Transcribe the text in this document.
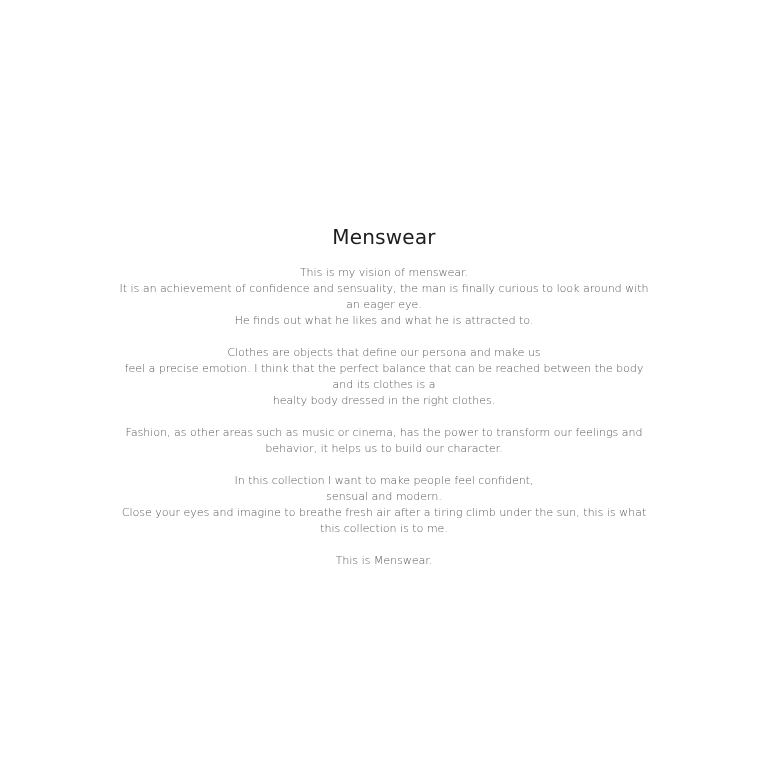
Menswear

This is my vision of menswear.
It is an achievement of confidence and sensuality, the man is finally curious to look around with
an eager eye.
He finds out what he likes and what he is attracted to.

Clothes are objects that define our persona and make us
feel a precise emotion. I think that the perfect balance that can be reached between the body
and its clothes is a
healty body dressed in the right clothes.

Fashion, as other areas such as music or cinema, has the power to transform our feelings and
behavior, it helps us to build our character.

In this collection I want to make people feel confident,
sensual and modern.
Close your eyes and imagine to breathe fresh air after a tiring climb under the sun, this is what
this collection is to me.

This is Menswear.
